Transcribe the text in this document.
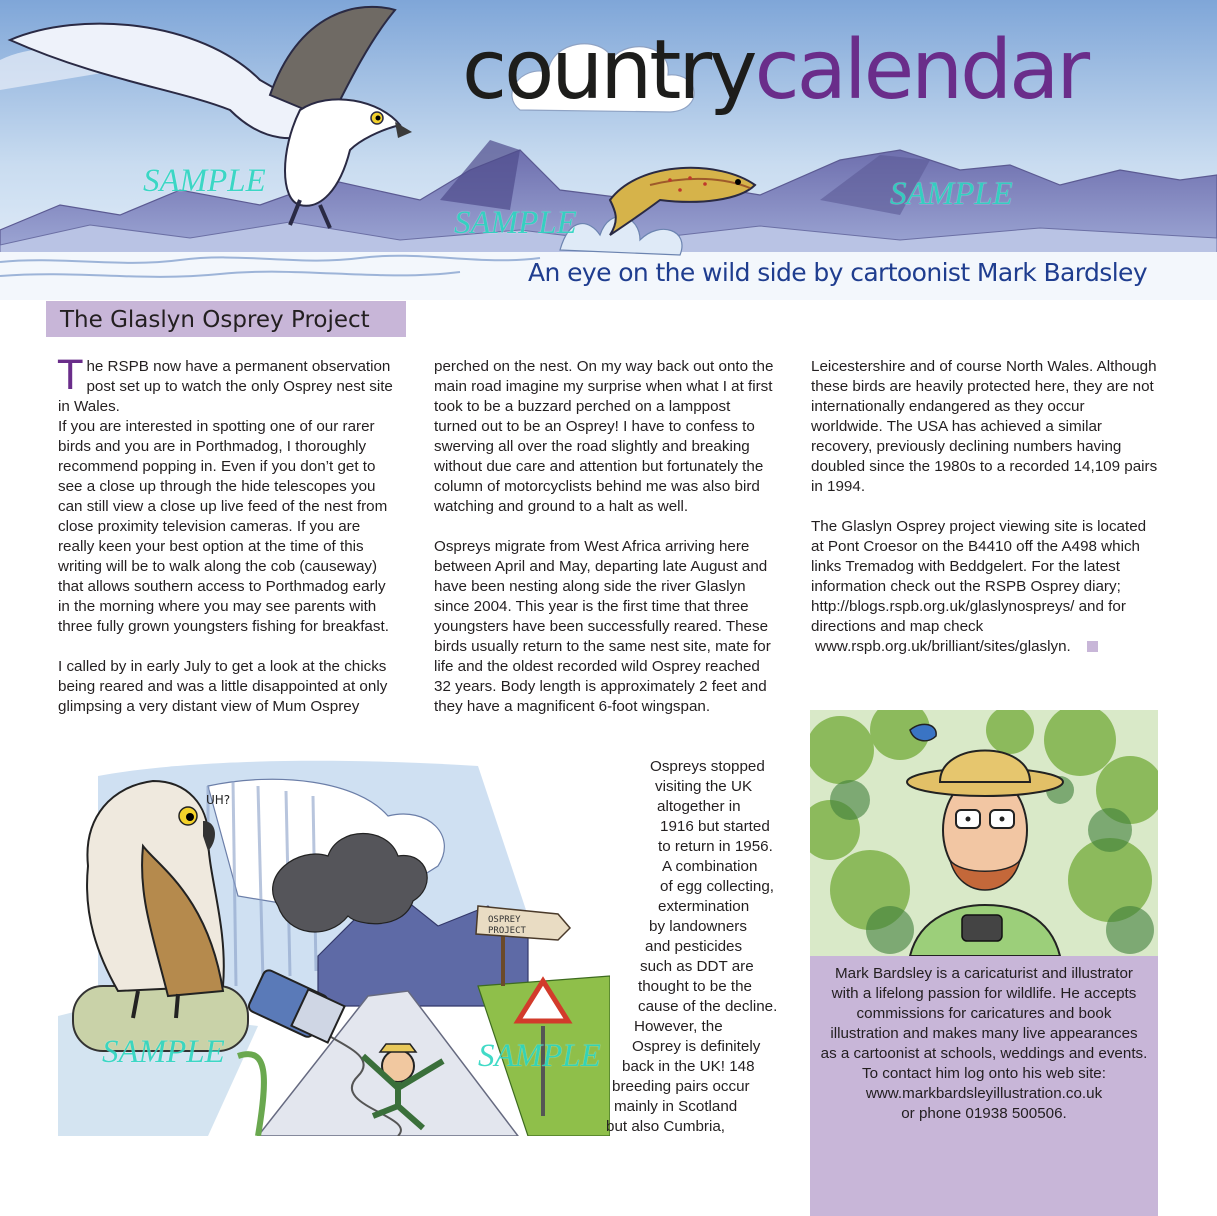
countrycalendar
An eye on the wild side by cartoonist Mark Bardsley
SAMPLE
SAMPLE
SAMPLE
The Glaslyn Osprey Project
T he RSPB now have a permanent observation post set up to watch the only Osprey nest site in Wales.
If you are interested in spotting one of our rarer birds and you are in Porthmadog, I thoroughly recommend popping in. Even if you don’t get to see a close up through the hide telescopes you can still view a close up live feed of the nest from close proximity television cameras. If you are really keen your best option at the time of this writing will be to walk along the cob (causeway) that allows southern access to Porthmadog early in the morning where you may see parents with three fully grown youngsters fishing for breakfast.

I called by in early July to get a look at the chicks being reared and was a little disappointed at only glimpsing a very distant view of Mum Osprey

perched on the nest. On my way back out onto the main road imagine my surprise when what I at first took to be a buzzard perched on a lamppost turned out to be an Osprey! I have to confess to swerving all over the road slightly and breaking without due care and attention but fortunately the column of motorcyclists behind me was also bird watching and ground to a halt as well.

Ospreys migrate from West Africa arriving here between April and May, departing late August and have been nesting along side the river Glaslyn since 2004. This year is the first time that three youngsters have been successfully reared. These birds usually return to the same nest site, mate for life and the oldest recorded wild Osprey reached 32 years. Body length is approximately 2 feet and they have a magnificent 6-foot wingspan.

Leicestershire and of course North Wales. Although these birds are heavily protected here, they are not internationally endangered as they occur worldwide. The USA has achieved a similar recovery, previously declining numbers having doubled since the 1980s to a recorded 14,109 pairs in 1994.

The Glaslyn Osprey project viewing site is located at Pont Croesor on the B4410 off the A498 which links Tremadog with Beddgelert. For the latest information check out the RSPB Osprey diary; http://blogs.rspb.org.uk/glaslynospreys/ and for directions and map check

www.rspb.org.uk/brilliant/sites/glaslyn.
OSPREY
PROJECT
UH?
SAMPLE	SAMPLE
Ospreys stopped
visiting the UK
altogether in
1916 but started
to return in 1956.
A combination
of egg collecting,
extermination
by landowners
and pesticides
such as DDT are
thought to be the
cause of the decline.
However, the
Osprey is definitely
back in the UK! 148
breeding pairs occur
mainly in Scotland
but also Cumbria,
Mark Bardsley is a caricaturist and illustrator
with a lifelong passion for wildlife. He accepts
commissions for caricatures and book
illustration and makes many live appearances
as a cartoonist at schools, weddings and events.
To contact him log onto his web site:
www.markbardsleyillustration.co.uk
or phone 01938 500506.
